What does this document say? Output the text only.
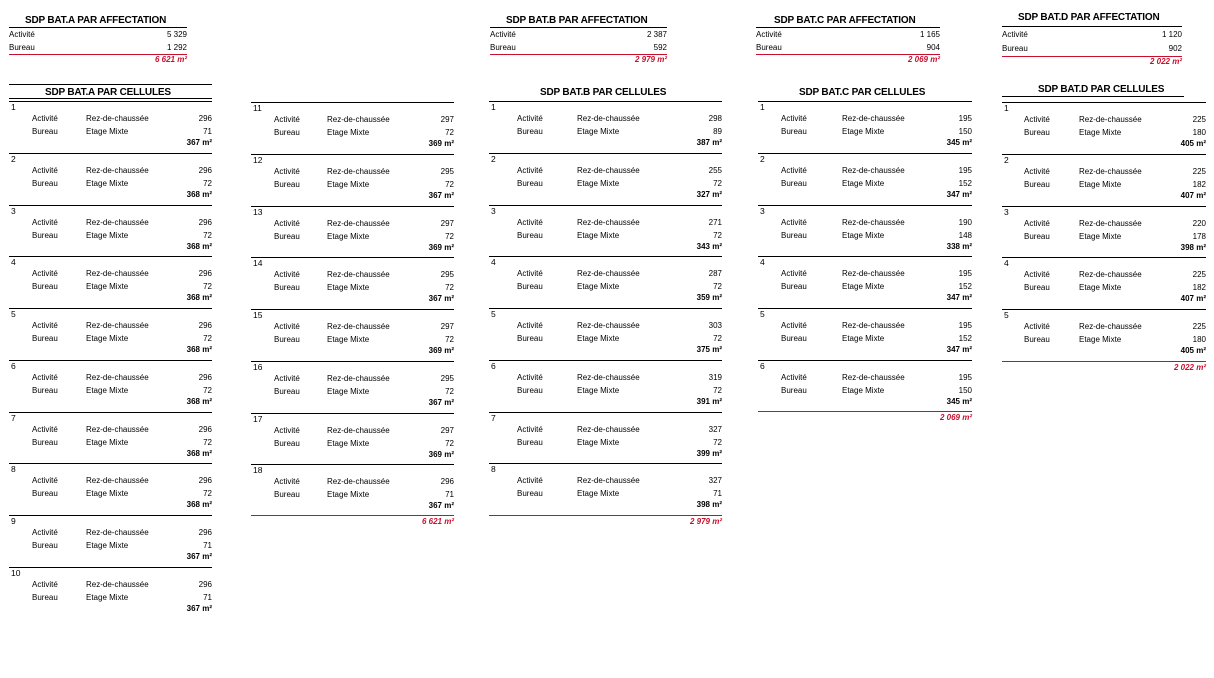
SDP BAT.A PAR AFFECTATION
Activité	5 329
Bureau	1 292
6 621 m²
SDP BAT.B PAR AFFECTATION
Activité	2 387
Bureau	592
2 979 m²
SDP BAT.C PAR AFFECTATION
Activité	1 165
Bureau	904
2 069 m²
SDP BAT.D PAR AFFECTATION
Activité	1 120
Bureau	902
2 022 m²
SDP BAT.A PAR CELLULES
1
Activité	Rez-de-chaussée	296
Bureau	Etage Mixte	71
367 m²
2
Activité	Rez-de-chaussée	296
Bureau	Etage Mixte	72
368 m²
3
Activité	Rez-de-chaussée	296
Bureau	Etage Mixte	72
368 m²
4
Activité	Rez-de-chaussée	296
Bureau	Etage Mixte	72
368 m²
5
Activité	Rez-de-chaussée	296
Bureau	Etage Mixte	72
368 m²
6
Activité	Rez-de-chaussée	296
Bureau	Etage Mixte	72
368 m²
7
Activité	Rez-de-chaussée	296
Bureau	Etage Mixte	72
368 m²
8
Activité	Rez-de-chaussée	296
Bureau	Etage Mixte	72
368 m²
9
Activité	Rez-de-chaussée	296
Bureau	Etage Mixte	71
367 m²
10
Activité	Rez-de-chaussée	296
Bureau	Etage Mixte	71
367 m²
6 621 m²
11
Activité	Rez-de-chaussée	297
Bureau	Etage Mixte	72
369 m²
12
Activité	Rez-de-chaussée	295
Bureau	Etage Mixte	72
367 m²
13
Activité	Rez-de-chaussée	297
Bureau	Etage Mixte	72
369 m²
14
Activité	Rez-de-chaussée	295
Bureau	Etage Mixte	72
367 m²
15
Activité	Rez-de-chaussée	297
Bureau	Etage Mixte	72
369 m²
16
Activité	Rez-de-chaussée	295
Bureau	Etage Mixte	72
367 m²
17
Activité	Rez-de-chaussée	297
Bureau	Etage Mixte	72
369 m²
18
Activité	Rez-de-chaussée	296
Bureau	Etage Mixte	71
367 m²
SDP BAT.B PAR CELLULES
2 979 m²
1
Activité	Rez-de-chaussée	298
Bureau	Etage Mixte	89
387 m²
2
Activité	Rez-de-chaussée	255
Bureau	Etage Mixte	72
327 m²
3
Activité	Rez-de-chaussée	271
Bureau	Etage Mixte	72
343 m²
4
Activité	Rez-de-chaussée	287
Bureau	Etage Mixte	72
359 m²
5
Activité	Rez-de-chaussée	303
Bureau	Etage Mixte	72
375 m²
6
Activité	Rez-de-chaussée	319
Bureau	Etage Mixte	72
391 m²
7
Activité	Rez-de-chaussée	327
Bureau	Etage Mixte	72
399 m²
8
Activité	Rez-de-chaussée	327
Bureau	Etage Mixte	71
398 m²
SDP BAT.C PAR CELLULES
2 069 m²
1
Activité	Rez-de-chaussée	195
Bureau	Etage Mixte	150
345 m²
2
Activité	Rez-de-chaussée	195
Bureau	Etage Mixte	152
347 m²
3
Activité	Rez-de-chaussée	190
Bureau	Etage Mixte	148
338 m²
4
Activité	Rez-de-chaussée	195
Bureau	Etage Mixte	152
347 m²
5
Activité	Rez-de-chaussée	195
Bureau	Etage Mixte	152
347 m²
6
Activité	Rez-de-chaussée	195
Bureau	Etage Mixte	150
345 m²
SDP BAT.D PAR CELLULES
2 022 m²
1
Activité	Rez-de-chaussée	225
Bureau	Etage Mixte	180
405 m²
2
Activité	Rez-de-chaussée	225
Bureau	Etage Mixte	182
407 m²
3
Activité	Rez-de-chaussée	220
Bureau	Etage Mixte	178
398 m²
4
Activité	Rez-de-chaussée	225
Bureau	Etage Mixte	182
407 m²
5
Activité	Rez-de-chaussée	225
Bureau	Etage Mixte	180
405 m²
